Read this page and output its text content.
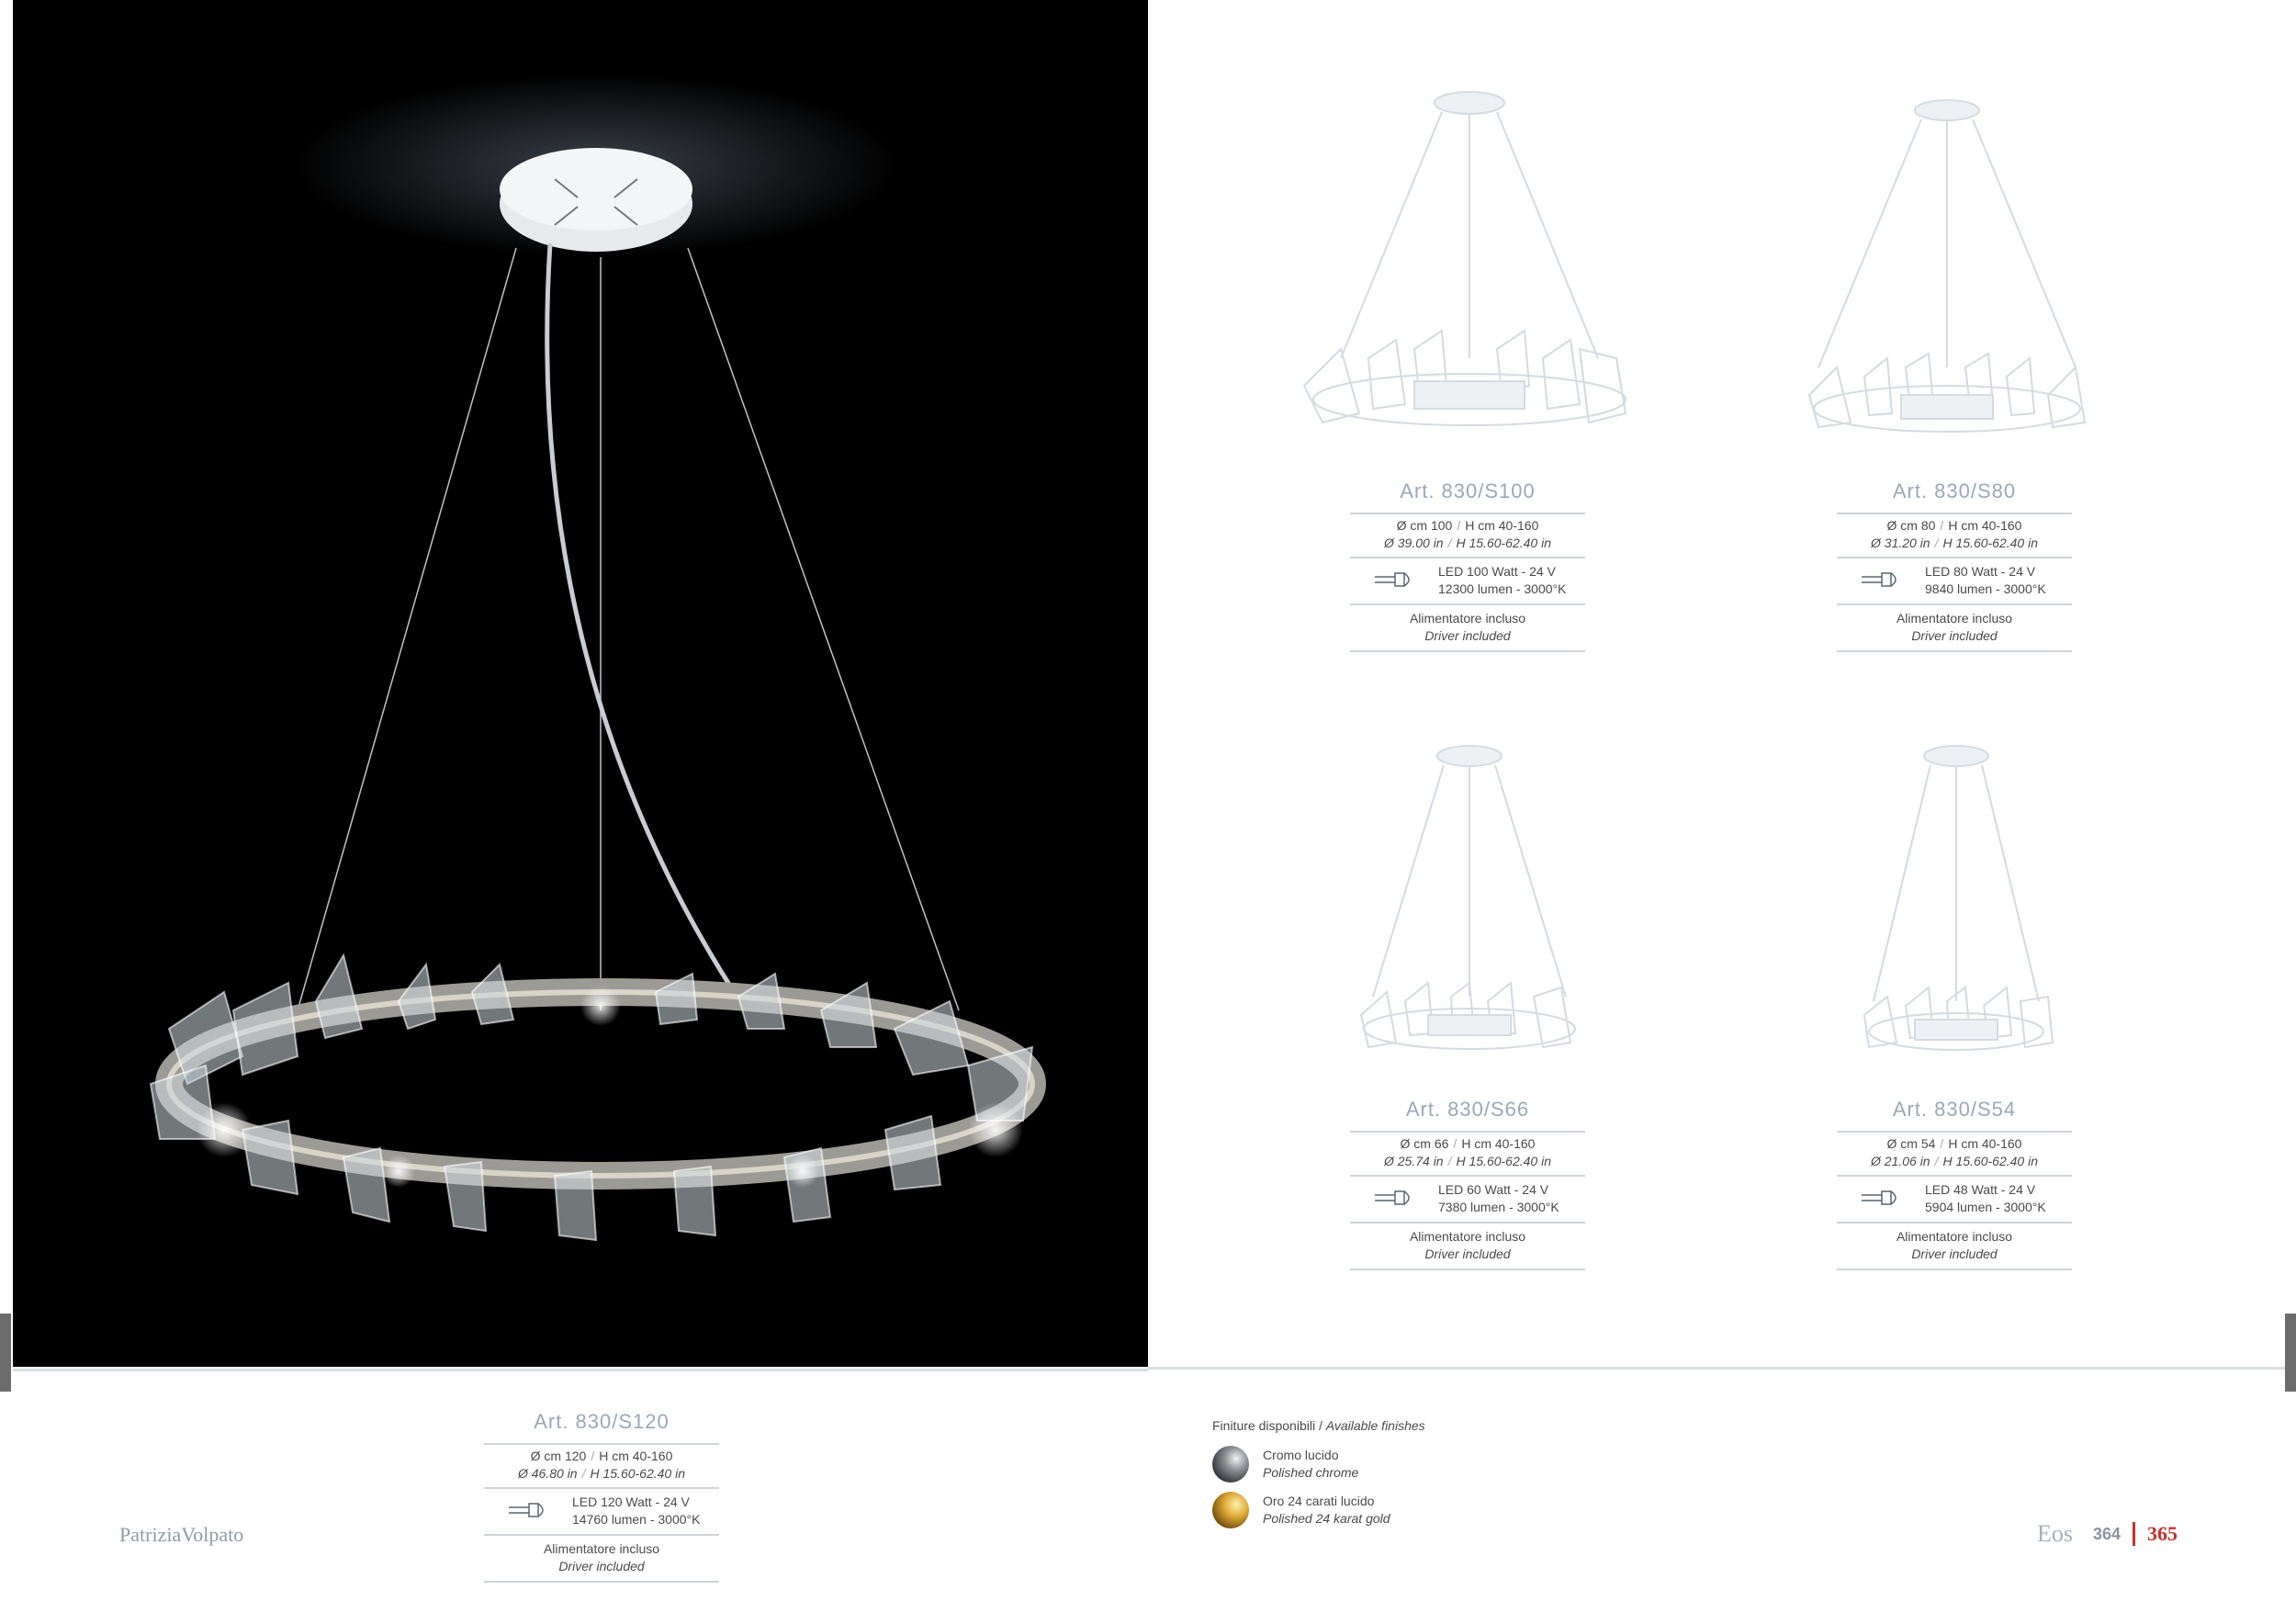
Art. 830/S100
Ø cm 100 / H cm 40-160
Ø 39.00 in / H 15.60-62.40 in
LED 100 Watt - 24 V
12300 lumen - 3000°K
Alimentatore incluso
Driver included
Art. 830/S80
Ø cm 80 / H cm 40-160
Ø 31.20 in / H 15.60-62.40 in
LED 80 Watt - 24 V
9840 lumen - 3000°K
Alimentatore incluso
Driver included
Art. 830/S66
Ø cm 66 / H cm 40-160
Ø 25.74 in / H 15.60-62.40 in
LED 60 Watt - 24 V
7380 lumen - 3000°K
Alimentatore incluso
Driver included
Art. 830/S54
Ø cm 54 / H cm 40-160
Ø 21.06 in / H 15.60-62.40 in
LED 48 Watt - 24 V
5904 lumen - 3000°K
Alimentatore incluso
Driver included
Art. 830/S120
Ø cm 120 / H cm 40-160
Ø 46.80 in / H 15.60-62.40 in
LED 120 Watt - 24 V
14760 lumen - 3000°K
Alimentatore incluso
Driver included
Finiture disponibili / Available finishes
Cromo lucido
Polished chrome
Oro 24 carati lucido
Polished 24 karat gold
PatriziaVolpato	Eos 364 365
